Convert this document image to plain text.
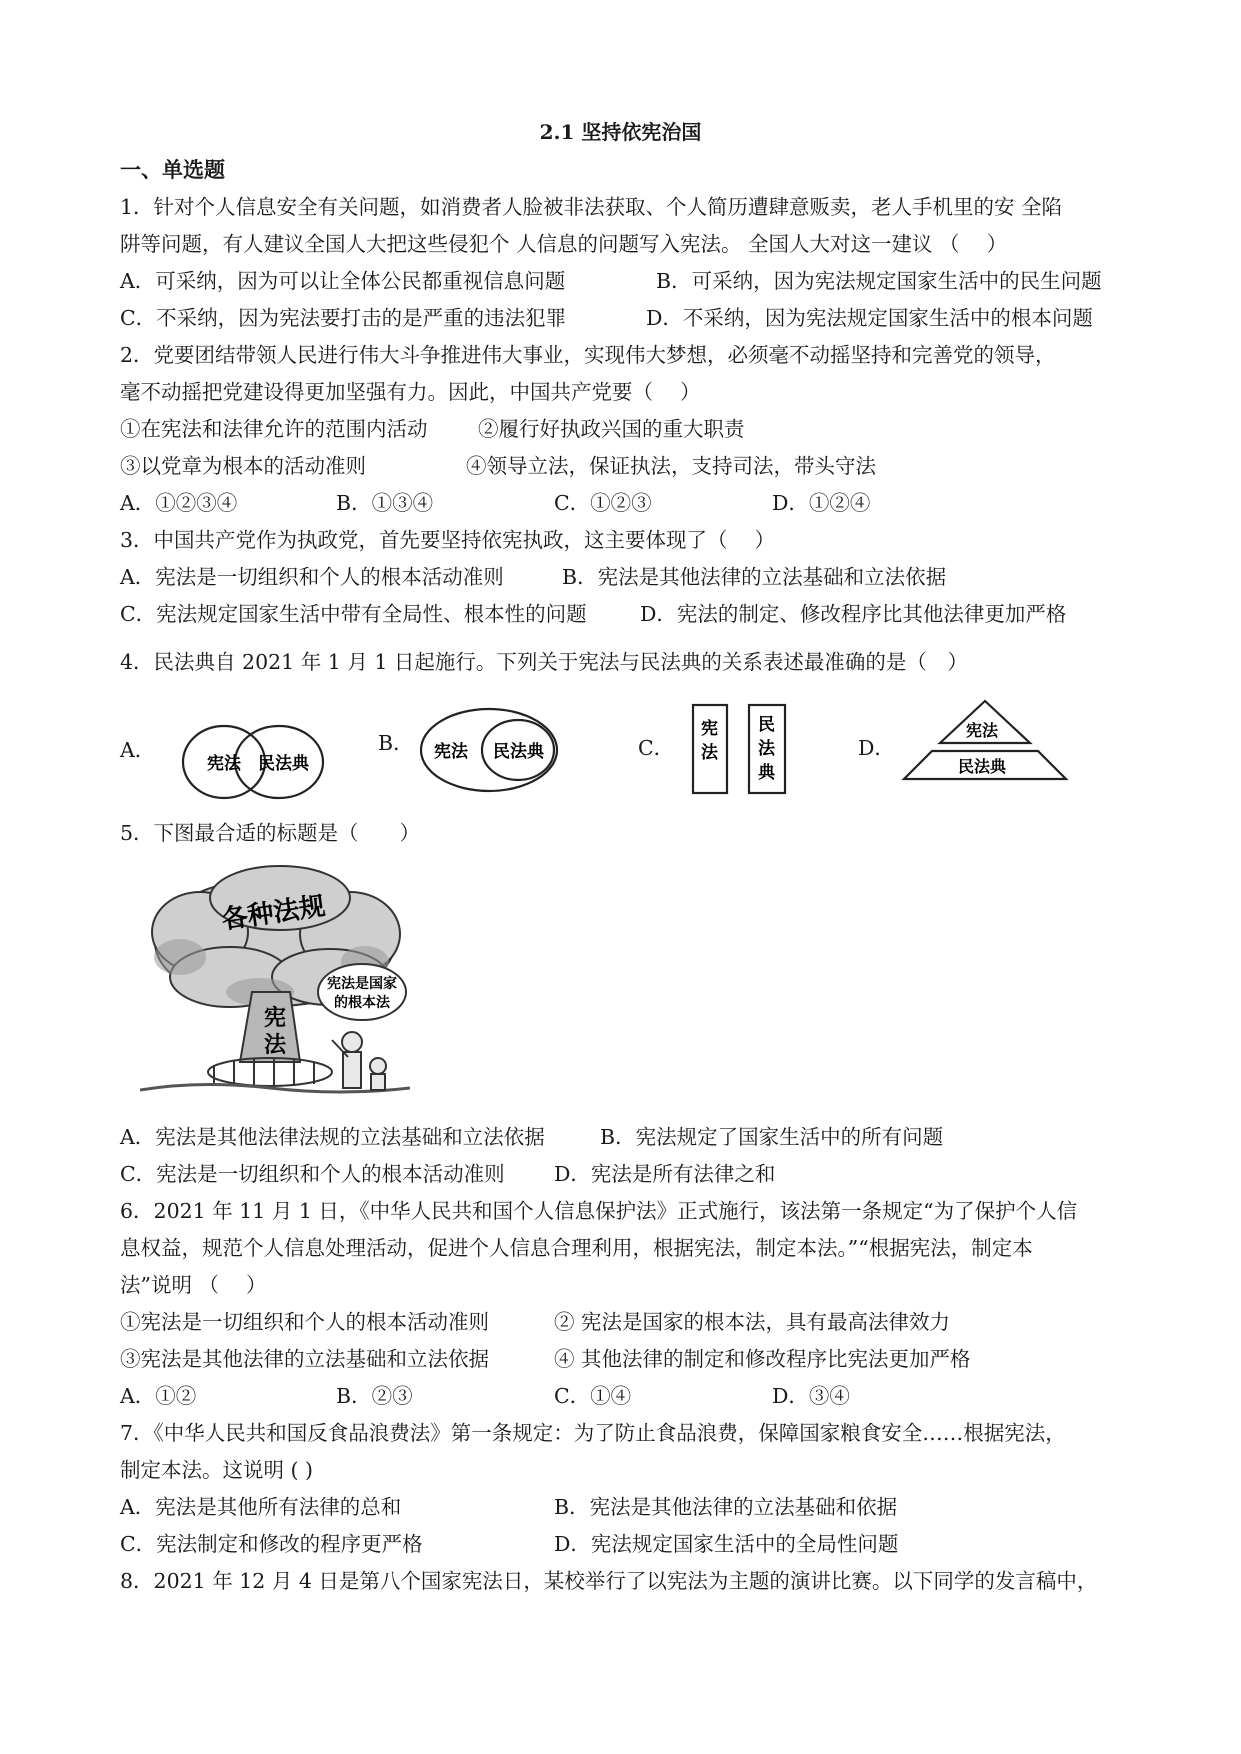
2.1 坚持依宪治国
一、单选题
1．针对个人信息安全有关问题，如消费者人脸被非法获取、个人简历遭肆意贩卖，老人手机里的安 全陷
阱等问题，有人建议全国人大把这些侵犯个 人信息的问题写入宪法。 全国人大对这一建议 （　 ）
A．可采纳，因为可以让全体公民都重视信息问题	B．可采纳，因为宪法规定国家生活中的民生问题
C．不采纳，因为宪法要打击的是严重的违法犯罪	D．不采纳，因为宪法规定国家生活中的根本问题
2．党要团结带领人民进行伟大斗争推进伟大事业，实现伟大梦想，必须毫不动摇坚持和完善党的领导，
毫不动摇把党建设得更加坚强有力。因此，中国共产党要（　 ）
①在宪法和法律允许的范围内活动 ②履行好执政兴国的重大职责
③以党章为根本的活动准则	④领导立法，保证执法，支持司法，带头守法
A．①②③④	B．①③④	C．①②③	D．①②④
3．中国共产党作为执政党，首先要坚持依宪执政，这主要体现了（　 ）
A．宪法是一切组织和个人的根本活动准则	B．宪法是其他法律的立法基础和立法依据
C．宪法规定国家生活中带有全局性、根本性的问题	D．宪法的制定、修改程序比其他法律更加严格
4．民法典自 2021 年 1 月 1 日起施行。下列关于宪法与民法典的关系表述最准确的是（　）
A．
宪法 民法典
B． 宪法 民法典	C．
宪
法
民
法
典
D．
宪法
民法典
5．下图最合适的标题是（　　）
宪法是国家
的根本法
各种法规
宪
法
A．宪法是其他法律法规的立法基础和立法依据	B．宪法规定了国家生活中的所有问题
C．宪法是一切组织和个人的根本活动准则 D．宪法是所有法律之和
6．2021 年 11 月 1 日，《中华人民共和国个人信息保护法》正式施行，该法第一条规定“为了保护个人信
息权益，规范个人信息处理活动，促进个人信息合理利用，根据宪法，制定本法。”“根据宪法，制定本
法”说明 （　 ）
①宪法是一切组织和个人的根本活动准则	② 宪法是国家的根本法，具有最高法律效力
③宪法是其他法律的立法基础和立法依据	④ 其他法律的制定和修改程序比宪法更加严格
A．①②	B．②③	C．①④	D．③④
7．《中华人民共和国反食品浪费法》第一条规定：为了防止食品浪费，保障国家粮食安全……根据宪法，
制定本法。这说明 ( )
A．宪法是其他所有法律的总和	B．宪法是其他法律的立法基础和依据
C．宪法制定和修改的程序更严格	D．宪法规定国家生活中的全局性问题
8．2021 年 12 月 4 日是第八个国家宪法日，某校举行了以宪法为主题的演讲比赛。以下同学的发言稿中，
